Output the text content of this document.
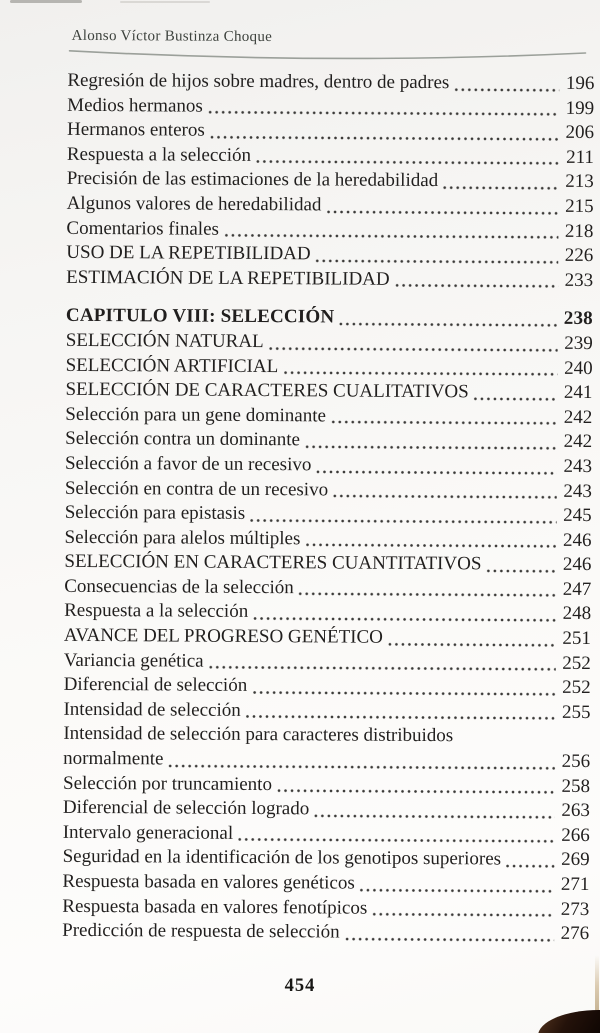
Alonso Víctor Bustinza Choque
Regresión de hijos sobre madres, dentro de padres	196
Medios hermanos	199
Hermanos enteros	206
Respuesta a la selección	211
Precisión de las estimaciones de la heredabilidad	213
Algunos valores de heredabilidad	215
Comentarios finales	218
USO DE LA REPETIBILIDAD	226
ESTIMACIÓN DE LA REPETIBILIDAD	233
CAPITULO VIII: SELECCIÓN	238
SELECCIÓN NATURAL	239
SELECCIÓN ARTIFICIAL	240
SELECCIÓN DE CARACTERES CUALITATIVOS	241
Selección para un gene dominante	242
Selección contra un dominante	242
Selección a favor de un recesivo	243
Selección en contra de un recesivo	243
Selección para epistasis	245
Selección para alelos múltiples	246
SELECCIÓN EN CARACTERES CUANTITATIVOS	246
Consecuencias de la selección	247
Respuesta a la selección	248
AVANCE DEL PROGRESO GENÉTICO	251
Variancia genética	252
Diferencial de selección	252
Intensidad de selección	255
Intensidad de selección para caracteres distribuidos
normalmente	256
Selección por truncamiento	258
Diferencial de selección logrado	263
Intervalo generacional	266
Seguridad en la identificación de los genotipos superiores	269
Respuesta basada en valores genéticos	271
Respuesta basada en valores fenotípicos	273
Predicción de respuesta de selección	276
454
